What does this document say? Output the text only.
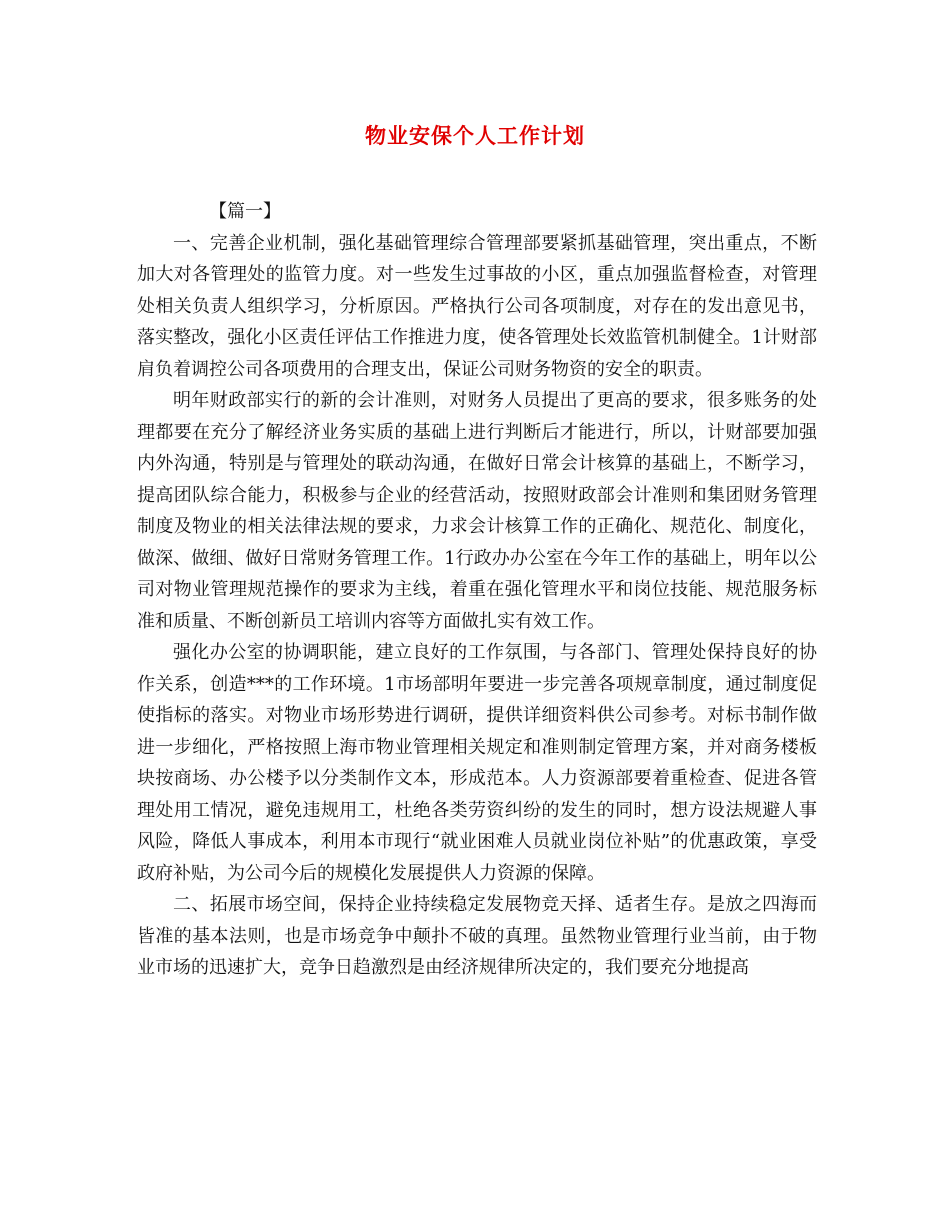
物业安保个人工作计划

【篇一】

一、完善企业机制，强化基础管理综合管理部要紧抓基础管理，突出重点，不断加大对各管理处的监管力度。对一些发生过事故的小区，重点加强监督检查，对管理处相关负责人组织学习，分析原因。严格执行公司各项制度，对存在的发出意见书，落实整改，强化小区责任评估工作推进力度，使各管理处长效监管机制健全。1计财部肩负着调控公司各项费用的合理支出，保证公司财务物资的安全的职责。

明年财政部实行的新的会计准则，对财务人员提出了更高的要求，很多账务的处理都要在充分了解经济业务实质的基础上进行判断后才能进行，所以，计财部要加强内外沟通，特别是与管理处的联动沟通，在做好日常会计核算的基础上，不断学习，提高团队综合能力，积极参与企业的经营活动，按照财政部会计准则和集团财务管理制度及物业的相关法律法规的要求，力求会计核算工作的正确化、规范化、制度化，做深、做细、做好日常财务管理工作。1行政办办公室在今年工作的基础上，明年以公司对物业管理规范操作的要求为主线，着重在强化管理水平和岗位技能、规范服务标准和质量、不断创新员工培训内容等方面做扎实有效工作。

强化办公室的协调职能，建立良好的工作氛围，与各部门、管理处保持良好的协作关系，创造***的工作环境。1市场部明年要进一步完善各项规章制度，通过制度促使指标的落实。对物业市场形势进行调研，提供详细资料供公司参考。对标书制作做进一步细化，严格按照上海市物业管理相关规定和准则制定管理方案，并对商务楼板块按商场、办公楼予以分类制作文本，形成范本。人力资源部要着重检查、促进各管理处用工情况，避免违规用工，杜绝各类劳资纠纷的发生的同时，想方设法规避人事风险，降低人事成本，利用本市现行“就业困难人员就业岗位补贴”的优惠政策，享受政府补贴，为公司今后的规模化发展提供人力资源的保障。

二、拓展市场空间，保持企业持续稳定发展物竞天择、适者生存。是放之四海而皆准的基本法则，也是市场竞争中颠扑不破的真理。虽然物业管理行业当前，由于物业市场的迅速扩大，竞争日趋激烈是由经济规律所决定的，我们要充分地提高
